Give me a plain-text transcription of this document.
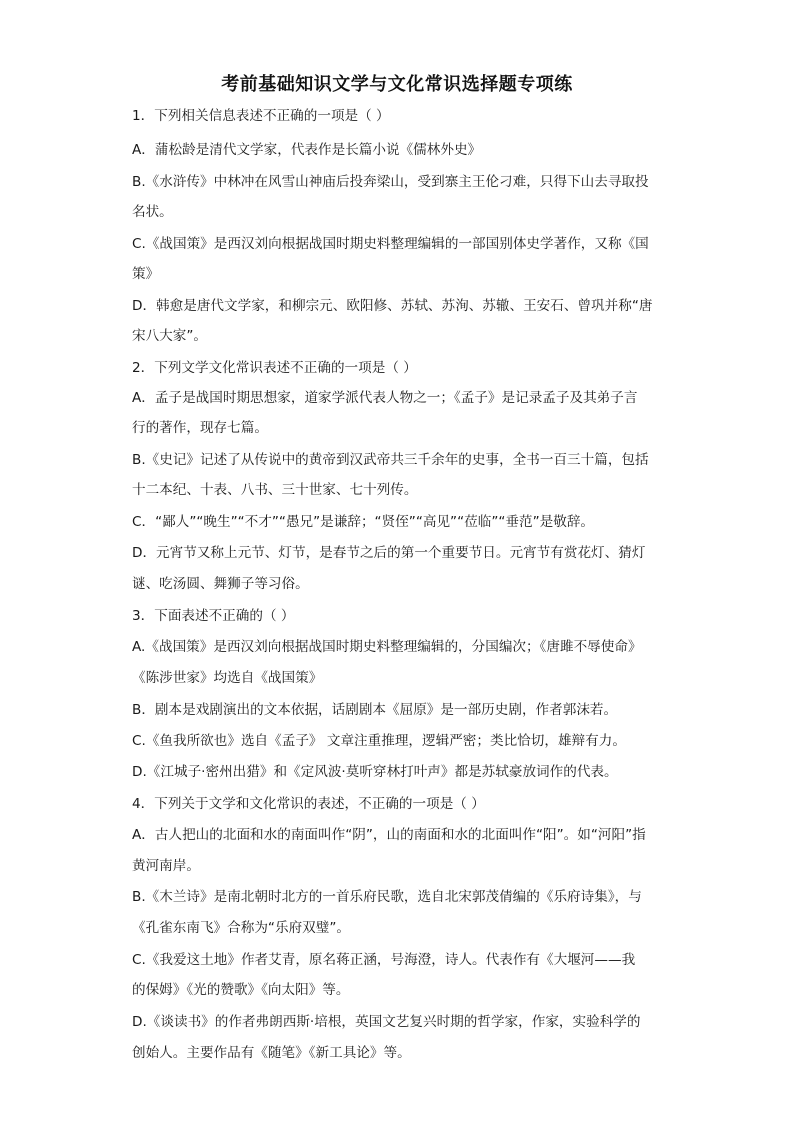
考前基础知识文学与文化常识选择题专项练
1．下列相关信息表述不正确的一项是（ ）
A．蒲松龄是清代文学家，代表作是长篇小说《儒林外史》
B.《水浒传》中林冲在风雪山神庙后投奔梁山，受到寨主王伦刁难，只得下山去寻取投
名状。
C.《战国策》是西汉刘向根据战国时期史料整理编辑的一部国别体史学著作，又称《国
策》
D．韩愈是唐代文学家，和柳宗元、欧阳修、苏轼、苏洵、苏辙、王安石、曾巩并称“唐
宋八大家”。
2．下列文学文化常识表述不正确的一项是（ ）
A．孟子是战国时期思想家，道家学派代表人物之一；《孟子》是记录孟子及其弟子言
行的著作，现存七篇。
B.《史记》记述了从传说中的黄帝到汉武帝共三千余年的史事，全书一百三十篇，包括
十二本纪、十表、八书、三十世家、七十列传。
C．“鄙人”“晚生”“不才”“愚兄”是谦辞；“贤侄”“高见”“莅临”“垂范”是敬辞。
D．元宵节又称上元节、灯节，是春节之后的第一个重要节日。元宵节有赏花灯、猜灯
谜、吃汤圆、舞狮子等习俗。
3．下面表述不正确的（ ）
A.《战国策》是西汉刘向根据战国时期史料整理编辑的，分国编次；《唐雎不辱使命》
《陈涉世家》均选自《战国策》
B．剧本是戏剧演出的文本依据，话剧剧本《屈原》是一部历史剧，作者郭沫若。
C.《鱼我所欲也》选自《孟子》 文章注重推理，逻辑严密；类比恰切，雄辩有力。
D.《江城子·密州出猎》和《定风波·莫听穿林打叶声》都是苏轼豪放词作的代表。
4．下列关于文学和文化常识的表述，不正确的一项是（ ）
A．古人把山的北面和水的南面叫作“阴”，山的南面和水的北面叫作“阳”。如“河阳”指
黄河南岸。
B.《木兰诗》是南北朝时北方的一首乐府民歌，选自北宋郭茂倩编的《乐府诗集》，与
《孔雀东南飞》合称为“乐府双璧”。
C.《我爱这土地》作者艾青，原名蒋正涵，号海澄，诗人。代表作有《大堰河——我
的保姆》《光的赞歌》《向太阳》等。
D.《谈读书》的作者弗朗西斯·培根，英国文艺复兴时期的哲学家，作家，实验科学的
创始人。主要作品有《随笔》《新工具论》等。
